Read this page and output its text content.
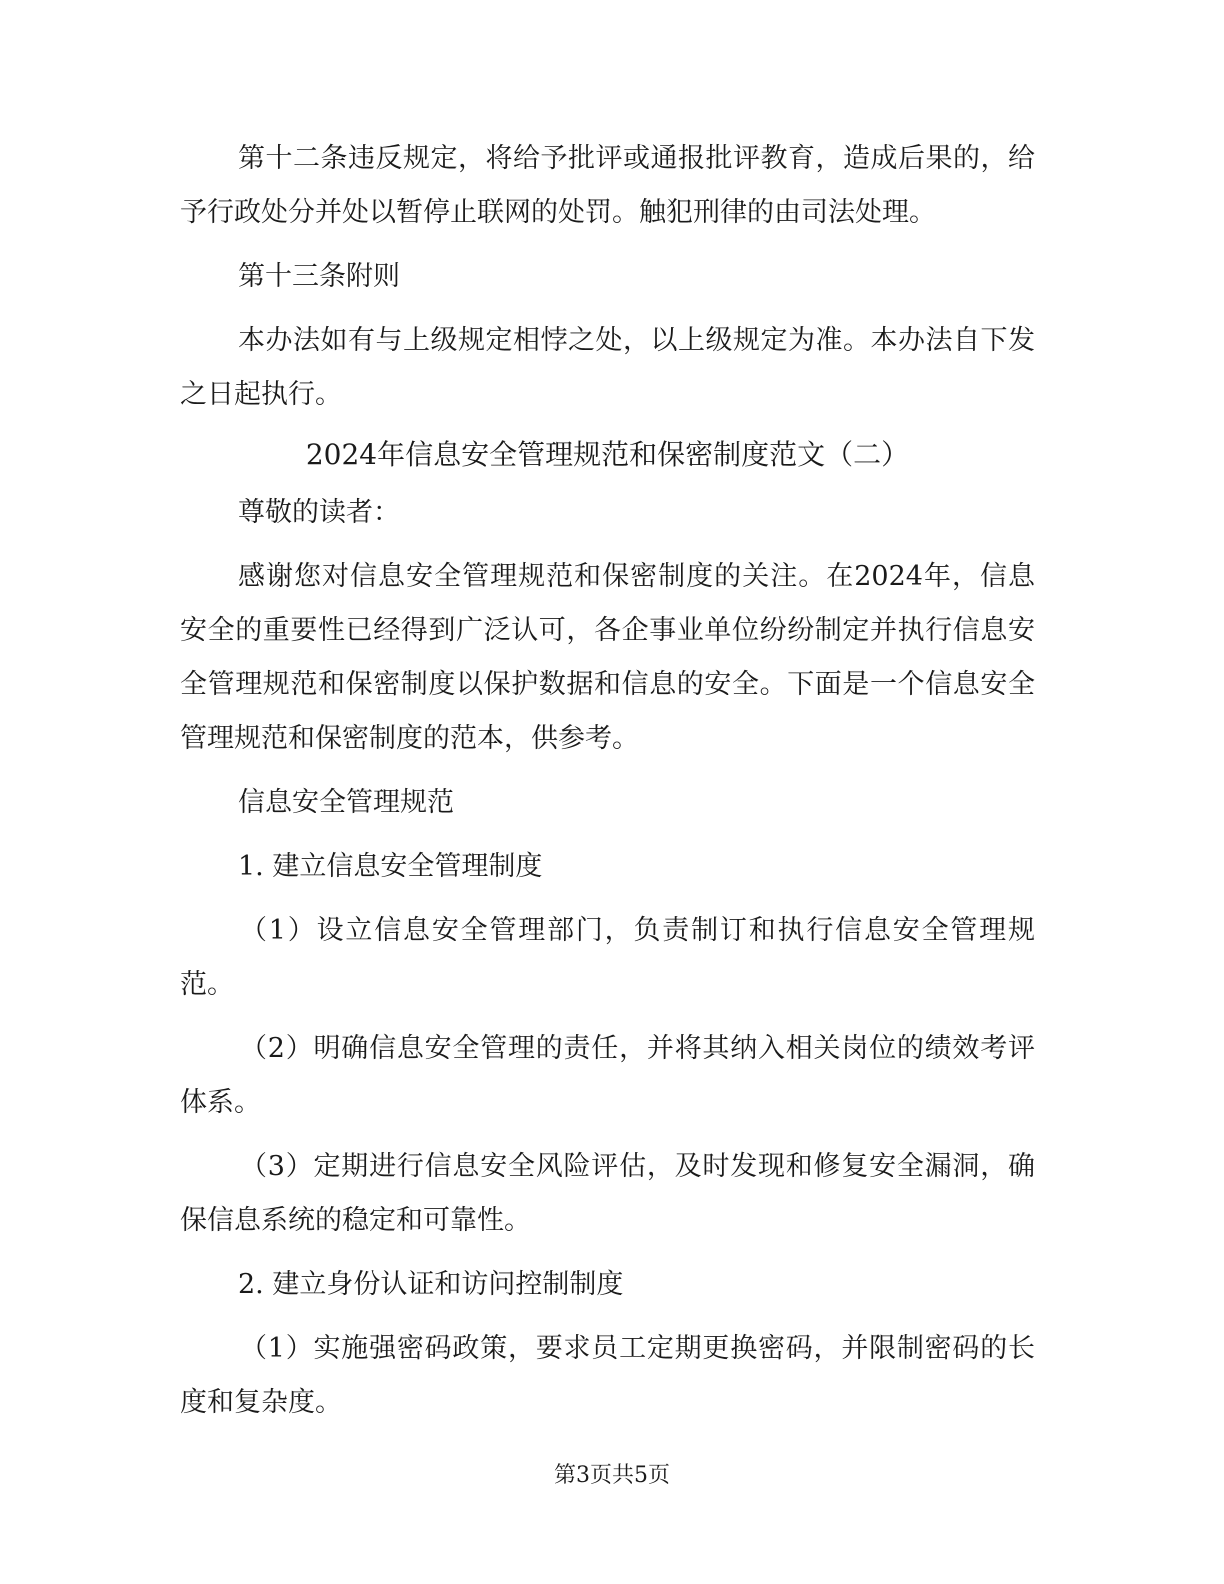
第十二条违反规定，将给予批评或通报批评教育，造成后果的，给予行政处分并处以暂停止联网的处罚。触犯刑律的由司法处理。

第十三条附则

本办法如有与上级规定相悖之处，以上级规定为准。本办法自下发之日起执行。

2024年信息安全管理规范和保密制度范文（二）

尊敬的读者：

感谢您对信息安全管理规范和保密制度的关注。在2024年，信息安全的重要性已经得到广泛认可，各企事业单位纷纷制定并执行信息安全管理规范和保密制度以保护数据和信息的安全。下面是一个信息安全管理规范和保密制度的范本，供参考。

信息安全管理规范

1. 建立信息安全管理制度

（1）设立信息安全管理部门，负责制订和执行信息安全管理规范。

（2）明确信息安全管理的责任，并将其纳入相关岗位的绩效考评体系。

（3）定期进行信息安全风险评估，及时发现和修复安全漏洞，确保信息系统的稳定和可靠性。

2. 建立身份认证和访问控制制度

（1）实施强密码政策，要求员工定期更换密码，并限制密码的长度和复杂度。

第3页共5页
